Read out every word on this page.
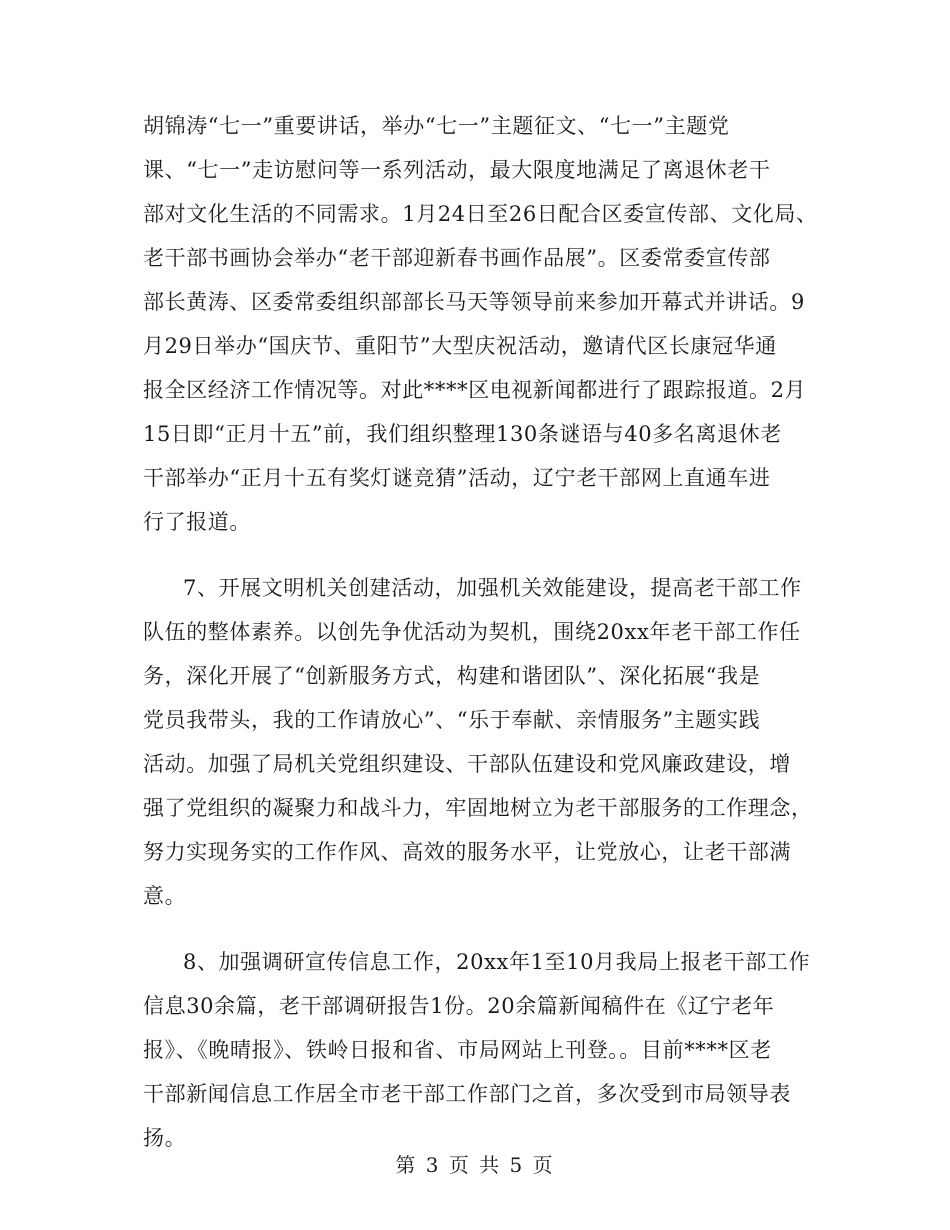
胡锦涛“七一”重要讲话，举办“七一”主题征文、“七一”主题党
课、“七一”走访慰问等一系列活动，最大限度地满足了离退休老干
部对文化生活的不同需求。1月24日至26日配合区委宣传部、文化局、
老干部书画协会举办“老干部迎新春书画作品展”。区委常委宣传部
部长黄涛、区委常委组织部部长马天等领导前来参加开幕式并讲话。9
月29日举办“国庆节、重阳节”大型庆祝活动，邀请代区长康冠华通
报全区经济工作情况等。对此****区电视新闻都进行了跟踪报道。2月
15日即“正月十五”前，我们组织整理130条谜语与40多名离退休老
干部举办“正月十五有奖灯谜竞猜”活动，辽宁老干部网上直通车进
行了报道。
7、开展文明机关创建活动，加强机关效能建设，提高老干部工作
队伍的整体素养。以创先争优活动为契机，围绕20xx年老干部工作任
务，深化开展了“创新服务方式，构建和谐团队”、深化拓展“我是
党员我带头，我的工作请放心”、“乐于奉献、亲情服务”主题实践
活动。加强了局机关党组织建设、干部队伍建设和党风廉政建设，增
强了党组织的凝聚力和战斗力，牢固地树立为老干部服务的工作理念，
努力实现务实的工作作风、高效的服务水平，让党放心，让老干部满
意。
8、加强调研宣传信息工作，20xx年1至10月我局上报老干部工作
信息30余篇，老干部调研报告1份。20余篇新闻稿件在《辽宁老年
报》、《晚晴报》、铁岭日报和省、市局网站上刊登。。目前****区老
干部新闻信息工作居全市老干部工作部门之首，多次受到市局领导表
扬。
第 3 页 共 5 页
